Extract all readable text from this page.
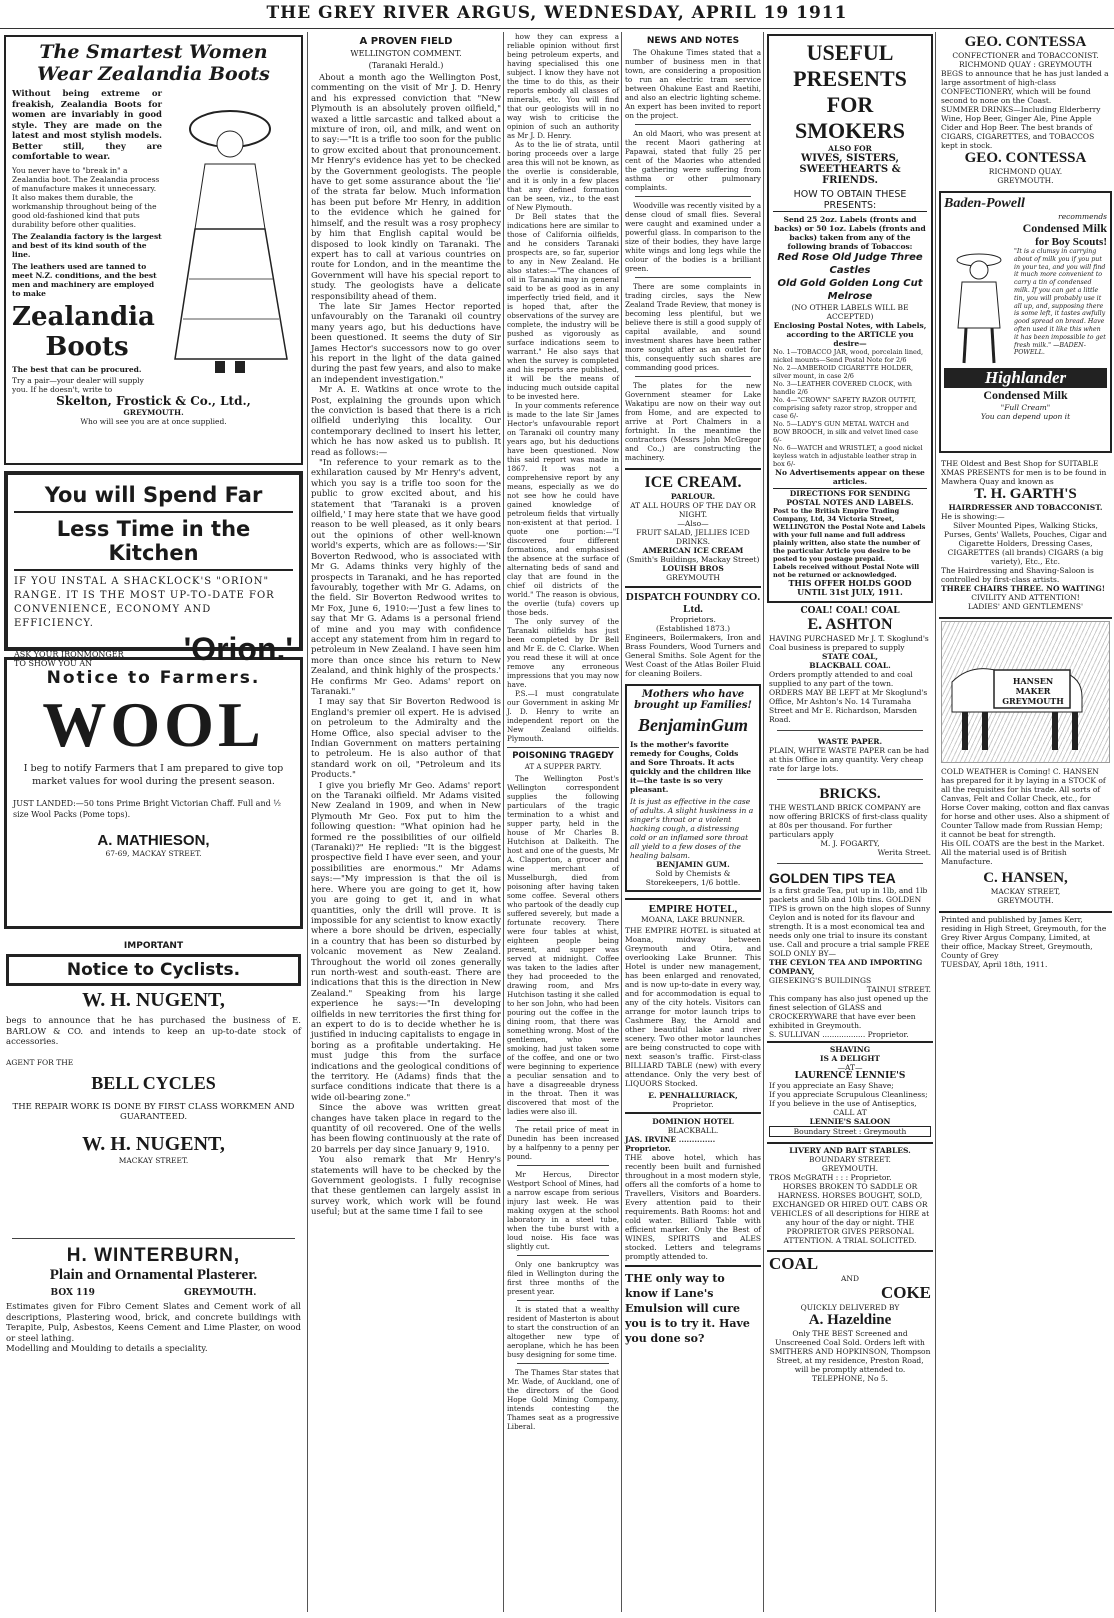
THE GREY RIVER ARGUS, WEDNESDAY, APRIL 19 1911
The Smartest Women
Wear Zealandia Boots
Without being extreme or freakish, Zealandia Boots for women are invariably in good style. They are made on the latest and most stylish models. Better still, they are comfortable to wear.
You never have to "break in" a Zealandia boot. The Zealandia process of manufacture makes it unnecessary. It also makes them durable, the workmanship throughout being of the good old-fashioned kind that puts durability before other qualities.
The Zealandia factory is the largest and best of its kind south of the line.
The leathers used are tanned to meet N.Z. conditions, and the best men and machinery are employed to make
Zealandia
Boots
The best that can be procured.
Try a pair—your dealer will supply you. If he doesn't, write to
Skelton, Frostick & Co., Ltd.,
GREYMOUTH.
Who will see you are at once supplied.
You will Spend Far
Less Time in the Kitchen
IF YOU INSTAL A SHACKLOCK'S "ORION" RANGE. IT IS THE MOST UP-TO-DATE FOR CONVENIENCE, ECONOMY AND EFFICIENCY.
ASK YOUR IRONMONGER TO SHOW YOU AN	'Orion.'
Notice to Farmers.
WOOL
I beg to notify Farmers that I am prepared to give top market values for wool during the present season.
JUST LANDED:—50 tons Prime Bright Victorian Chaff. Full and ½ size Wool Packs (Pome tops).
A. MATHIESON,
67-69, MACKAY STREET.
IMPORTANT
Notice to Cyclists.
W. H. NUGENT,
begs to announce that he has purchased the business of E. BARLOW & CO. and intends to keep an up-to-date stock of accessories.
AGENT FOR THE
BELL CYCLES
THE REPAIR WORK IS DONE BY FIRST CLASS WORKMEN AND GUARANTEED.
W. H. NUGENT,
MACKAY STREET.
H. WINTERBURN,
Plain and Ornamental Plasterer.
BOX 119	GREYMOUTH.
Estimates given for Fibro Cement Slates and Cement work of all descriptions, Plastering wood, brick, and concrete buildings with Terapite, Pulp, Asbestos, Keens Cement and Lime Plaster, on wood or steel lathing.
Modelling and Moulding to details a speciality.
A PROVEN FIELD
WELLINGTON COMMENT.
(Taranaki Herald.)

About a month ago the Wellington Post, commenting on the visit of Mr J. D. Henry and his expressed conviction that "New Plymouth is an absolutely proven oilfield," waxed a little sarcastic and talked about a mixture of iron, oil, and milk, and went on to say:—"It is a trifle too soon for the public to grow excited about that pronouncement. Mr Henry's evidence has yet to be checked by the Government geologists. The people have to get some assurance about the 'lie' of the strata far below. Much information has been put before Mr Henry, in addition to the evidence which he gained for himself, and the result was a rosy prophecy by him that English capital would be disposed to look kindly on Taranaki. The expert has to call at various countries on route for London, and in the meantime the Government will have his special report to study. The geologists have a delicate responsibility ahead of them.

The late Sir James Hector reported unfavourably on the Taranaki oil country many years ago, but his deductions have been questioned. It seems the duty of Sir James Hector's successors now to go over his report in the light of the data gained during the past few years, and also to make an independent investigation."

Mr A. E. Watkins at once wrote to the Post, explaining the grounds upon which the conviction is based that there is a rich oilfield underlying this locality. Our contemporary declined to insert his letter, which he has now asked us to publish. It read as follows:—

"In reference to your remark as to the exhilaration caused by Mr Henry's advent, which you say is a trifle too soon for the public to grow excited about, and his statement that 'Taranaki is a proven oilfield,' I may here state that we have good reason to be well pleased, as it only bears out the opinions of other well-known world's experts, which are as follows:—'Sir Boverton Redwood, who is associated with Mr G. Adams thinks very highly of the prospects in Taranaki, and he has reported favourably, together with Mr G. Adams, on the field. Sir Boverton Redwood writes to Mr Fox, June 6, 1910:—'Just a few lines to say that Mr G. Adams is a personal friend of mine and you may with confidence accept any statement from him in regard to petroleum in New Zealand. I have seen him more than once since his return to New Zealand, and think highly of the prospects.' He confirms Mr Geo. Adams' report on Taranaki."

I may say that Sir Boverton Redwood is England's premier oil expert. He is advised on petroleum to the Admiralty and the Home Office, also special adviser to the Indian Government on matters pertaining to petroleum. He is also author of that standard work on oil, "Petroleum and its Products."

I give you briefly Mr Geo. Adams' report on the Taranaki oilfield. Mr Adams visited New Zealand in 1909, and when in New Plymouth Mr Geo. Fox put to him the following question: "What opinion had he formed re the possibilities of our oilfield (Taranaki)?" He replied: "It is the biggest prospective field I have ever seen, and your possibilities are enormous." Mr Adams says:—"My impression is that the oil is here. Where you are going to get it, how you are going to get it, and in what quantities, only the drill will prove. It is impossible for any scientist to know exactly where a bore should be driven, especially in a country that has been so disturbed by volcanic movement as New Zealand. Throughout the world oil zones generally run north-west and south-east. There are indications that this is the direction in New Zealand." Speaking from his large experience he says:—"In developing oilfields in new territories the first thing for an expert to do is to decide whether he is justified in inducing capitalists to engage in boring as a profitable undertaking. He must judge this from the surface indications and the geological conditions of the territory. He (Adams) finds that the surface conditions indicate that there is a wide oil-bearing zone."

Since the above was written great changes have taken place in regard to the quantity of oil recovered. One of the wells has been flowing continuously at the rate of 20 barrels per day since January 9, 1910.

You also remark that Mr Henry's statements will have to be checked by the Government geologists. I fully recognise that these gentlemen can largely assist in survey work, which work will be found useful; but at the same time I fail to see

how they can express a reliable opinion without first being petroleum experts, and having specialised this one subject. I know they have not the time to do this, as their reports embody all classes of minerals, etc. You will find that our geologists will in no way wish to criticise the opinion of such an authority as Mr J. D. Henry.

As to the lie of strata, until boring proceeds over a large area this will not be known, as the overlie is considerable, and it is only in a few places that any defined formation can be seen, viz., to the east of New Plymouth.

Dr Bell states that the indications here are similar to those of California oilfields, and he considers Taranaki prospects are, so far, superior to any in New Zealand. He also states:—"The chances of oil in Taranaki may in general said to be as good as in any imperfectly tried field, and it is hoped that, after the observations of the survey are complete, the industry will be pushed as vigorously as surface indications seem to warrant." He also says that when the survey is completed and his reports are published, it will be the means of inducing much outside capital to be invested here.

In your comments reference is made to the late Sir James Hector's unfavourable report on Taranaki oil country many years ago, but his deductions have been questioned. Now this said report was made in 1867. It was not a comprehensive report by any means, especially as we do not see how he could have gained knowledge of petroleum fields that virtually non-existent at that period. I quote one portion:—"I discovered four different formations, and emphasised the absence at the surface of alternating beds of sand and clay that are found in the chief oil districts of the world." The reason is obvious, the overlie (tufa) covers up those beds.

The only survey of the Taranaki oilfields has just been completed by Dr Bell and Mr E. de C. Clarke. When you read these it will at once remove any erroneous impressions that you may now have.

P.S.—I must congratulate our Government in asking Mr J. D. Henry to write an independent report on the New Zealand oilfields. Plymouth.

POISONING TRAGEDY
AT A SUPPER PARTY.

The Wellington Post's Wellington correspondent supplies the following particulars of the tragic termination to a whist and supper party, held in the house of Mr Charles B. Hutchison at Dalkeith. The host and one of the guests, Mr A. Clapperton, a grocer and wine merchant of Musselburgh, died from poisoning after having taken some coffee. Several others who partook of the deadly cup suffered severely, but made a fortunate recovery. There were four tables at whist, eighteen people being present, and supper was served at midnight. Coffee was taken to the ladies after they had proceeded to the drawing room, and Mrs Hutchison tasting it she called to her son John, who had been pouring out the coffee in the dining room, that there was something wrong. Most of the gentlemen, who were smoking, had just taken some of the coffee, and one or two were beginning to experience a peculiar sensation and to have a disagreeable dryness in the throat. Then it was discovered that most of the ladies were also ill.

The retail price of meat in Dunedin has been increased by a halfpenny to a penny per pound.

Mr Hercus, Director Westport School of Mines, had a narrow escape from serious injury last week. He was making oxygen at the school laboratory in a steel tube, when the tube burst with a loud noise. His face was slightly cut.

Only one bankruptcy was filed in Wellington during the first three months of the present year.

It is stated that a wealthy resident of Masterton is about to start the construction of an altogether new type of aeroplane, which he has been busy designing for some time.

The Thames Star states that Mr. Wade, of Auckland, one of the directors of the Good Hope Gold Mining Company, intends contesting the Thames seat as a progressive Liberal.

NEWS AND NOTES

The Ohakune Times stated that a number of business men in that town, are considering a proposition to run an electric tram service between Ohakune East and Raetihi, and also an electric lighting scheme. An expert has been invited to report on the project.

An old Maori, who was present at the recent Maori gathering at Papawai, stated that fully 25 per cent of the Maories who attended the gathering were suffering from asthma or other pulmonary complaints.

Woodville was recently visited by a dense cloud of small flies. Several were caught and examined under a powerful glass. In comparison to the size of their bodies, they have large white wings and long legs while the colour of the bodies is a brilliant green.

There are some complaints in trading circles, says the New Zealand Trade Review, that money is becoming less plentiful, but we believe there is still a good supply of capital available, and sound investment shares have been rather more sought after as an outlet for this, consequently such shares are commanding good prices.

The plates for the new Government steamer for Lake Wakatipu are now on their way out from Home, and are expected to arrive at Port Chalmers in a fortnight. In the meantime the contractors (Messrs John McGregor and Co.,) are constructing the machinery.

ICE CREAM.
PARLOUR.
AT ALL HOURS OF THE DAY OR NIGHT.
—Also—
FRUIT SALAD, JELLIES ICED DRINKS.
AMERICAN ICE CREAM
(Smith's Buildings, Mackay Street)
LOUISH BROS
GREYMOUTH
DISPATCH FOUNDRY CO. Ltd.
Proprietors.
(Established 1873.)
Engineers, Boilermakers, Iron and Brass Founders, Wood Turners and General Smiths. Sole Agent for the West Coast of the Atlas Boiler Fluid for cleaning Boilers.
Mothers who have brought up Families!
BenjaminGum
Is the mother's favorite remedy for Coughs, Colds and Sore Throats. It acts quickly and the children like it—the taste is so very pleasant.
It is just as effective in the case of adults. A slight huskiness in a singer's throat or a violent hacking cough, a distressing cold or an inflamed sore throat all yield to a few doses of the healing balsam.
BENJAMIN GUM.
Sold by Chemists & Storekeepers, 1/6 bottle.
EMPIRE HOTEL,
MOANA, LAKE BRUNNER.
THE EMPIRE HOTEL is situated at Moana, midway between Greymouth and Otira, and overlooking Lake Brunner. This Hotel is under new management, has been enlarged and renovated, and is now up-to-date in every way, and for accommodation is equal to any of the city hotels. Visitors can arrange for motor launch trips to Cashmere Bay, the Arnold and other beautiful lake and river scenery. Two other motor launches are being constructed to cope with next season's traffic. First-class BILLIARD TABLE (new) with every attendance. Only the very best of LIQUORS Stocked.
E. PENHALLURIACK,
Proprietor.
DOMINION HOTEL
BLACKBALL.
JAS. IRVINE .............. Proprietor.
THE above hotel, which has recently been built and furnished throughout in a most modern style, offers all the comforts of a home to Travellers, Visitors and Boarders. Every attention paid to their requirements. Bath Rooms: hot and cold water. Billiard Table with efficient marker. Only the Best of WINES, SPIRITS and ALES stocked. Letters and telegrams promptly attended to.
THE only way to know if Lane's Emulsion will cure you is to try it. Have you done so?
USEFUL PRESENTS
FOR SMOKERS
ALSO FOR
WIVES, SISTERS, SWEETHEARTS & FRIENDS.
HOW TO OBTAIN THESE PRESENTS:
Send 25 2oz. Labels (fronts and backs) or 50 1oz. Labels (fronts and backs) taken from any of the following brands of Tobaccos:
Red Rose Old Judge Three Castles
Old Gold Golden Long Cut Melrose
(NO OTHER LABELS WILL BE ACCEPTED)
Enclosing Postal Notes, with Labels, according to the ARTICLE you desire—
No. 1—TOBACCO JAR, wood, porcelain lined, nickel mounts—Send Postal Note for 2/6
No. 2—AMBEROID CIGARETTE HOLDER, silver mount, in case 2/6
No. 3—LEATHER COVERED CLOCK, with handle 2/6
No. 4—"CROWN" SAFETY RAZOR OUTFIT, comprising safety razor strop, stropper and case 6/-
No. 5—LADY'S GUN METAL WATCH and BOW BROOCH, in silk and velvet lined case 6/-
No. 6—WATCH and WRISTLET, a good nickel keyless watch in adjustable leather strap in box 6/-
No Advertisements appear on these articles.
DIRECTIONS FOR SENDING POSTAL NOTES AND LABELS.
Post to the British Empire Trading Company, Ltd, 34 Victoria Street, WELLINGTON the Postal Note and Labels with your full name and full address plainly written, also state the number of the particular Article you desire to be posted to you postage prepaid.
Labels received without Postal Note will not be returned or acknowledged.
THIS OFFER HOLDS GOOD UNTIL 31st JULY, 1911.
COAL! COAL! COAL
E. ASHTON
HAVING PURCHASED Mr J. T. Skoglund's Coal business is prepared to supply
STATE COAL,
BLACKBALL COAL.
Orders promptly attended to and coal supplied to any part of the town.
ORDERS MAY BE LEFT at Mr Skoglund's Office, Mr Ashton's No. 14 Turamaha Street and Mr E. Richardson, Marsden Road.
WASTE PAPER.
PLAIN, WHITE WASTE PAPER can be had at this Office in any quantity. Very cheap rate for large lots.
BRICKS.
THE WESTLAND BRICK COMPANY are now offering BRICKS of first-class quality at 80s per thousand. For further particulars apply
M. J. FOGARTY,
Werita Street.
GOLDEN TIPS TEA
Is a first grade Tea, put up in 1lb, and 1lb packets and 5lb and 10lb tins. GOLDEN TIPS is grown on the high slopes of Sunny Ceylon and is noted for its flavour and strength. It is a most economical tea and needs only one trial to insure its constant use. Call and procure a trial sample FREE
SOLD ONLY BY—
THE CEYLON TEA AND IMPORTING COMPANY,
GIESEKING'S BUILDINGS
TAINUI STREET.
This company has also just opened up the finest selection of GLASS and CROCKERYWARE that have ever been exhibited in Greymouth.
S. SULLIVAN .................. Proprietor.
SHAVING
IS A DELIGHT
—AT—
LAURENCE LENNIE'S
If you appreciate an Easy Shave;
If you appreciate Scrupulous Cleanliness;
If you believe in the use of Antiseptics,
CALL AT
LENNIE'S SALOON
Boundary Street : Greymouth
LIVERY AND BAIT STABLES.
BOUNDARY STREET.
GREYMOUTH.
TROS McGRATH : : : Proprietor.
HORSES BROKEN TO SADDLE OR HARNESS. HORSES BOUGHT, SOLD, EXCHANGED OR HIRED OUT. CABS OR VEHICLES of all descriptions for HIRE at any hour of the day or night. THE PROPRIETOR GIVES PERSONAL ATTENTION. A TRIAL SOLICITED.
COAL
AND
COKE
QUICKLY DELIVERED BY
A. Hazeldine
Only THE BEST Screened and Unscreened Coal Sold. Orders left with SMITHERS AND HOPKINSON, Thompson Street, at my residence, Preston Road, will be promptly attended to.
TELEPHONE, No 5.
GEO. CONTESSA
CONFECTIONER and TOBACCONIST.
RICHMOND QUAY : GREYMOUTH
BEGS to announce that he has just landed a large assortment of high-class CONFECTIONERY, which will be found second to none on the Coast.
SUMMER DRINKS—Including Elderberry Wine, Hop Beer, Ginger Ale, Pine Apple Cider and Hop Beer. The best brands of CIGARS, CIGARETTES, and TOBACCOS kept in stock.
GEO. CONTESSA
RICHMOND QUAY.
GREYMOUTH.
Baden-Powell
recommends
Condensed Milk
for Boy Scouts!
"It is a clumsy in carrying about of milk you if you put in your tea, and you will find it much more convenient to carry a tin of condensed milk. If you can get a little tin, you will probably use it all up, and, supposing there is some left, it tastes awfully good spread on bread. Have often used it like this when it has been impossible to get fresh milk." —BADEN-POWELL.
Highlander
Condensed Milk
"Full Cream"
You can depend upon it
THE Oldest and Best Shop for SUITABLE XMAS PRESENTS for men is to be found in Mawhera Quay and known as
T. H. GARTH'S
HAIRDRESSER AND TOBACCONIST.
He is showing:—
Silver Mounted Pipes, Walking Sticks, Purses, Gents' Wallets, Pouches, Cigar and Cigarette Holders, Dressing Cases, CIGARETTES (all brands) CIGARS (a big variety), Etc., Etc.
The Hairdressing and Shaving-Saloon is controlled by first-class artists.
THREE CHAIRS THREE. NO WAITING!
CIVILITY AND ATTENTION!
LADIES' AND GENTLEMENS'
HANSEN
MAKER
GREYMOUTH
COLD WEATHER is Coming! C. HANSEN has prepared for it by laying in a STOCK of all the requisites for his trade. All sorts of Canvas, Felt and Collar Check, etc., for Horse Cover making, cotton and flax canvas for horse and other uses. Also a shipment of Counter Tallow made from Russian Hemp; it cannot be beat for strength.
His OIL COATS are the best in the Market.
All the material used is of British Manufacture.
C. HANSEN,
MACKAY STREET,
GREYMOUTH.
Printed and published by James Kerr, residing in High Street, Greymouth, for the Grey River Argus Company, Limited, at their office, Mackay Street, Greymouth, County of Grey
TUESDAY, April 18th, 1911.
